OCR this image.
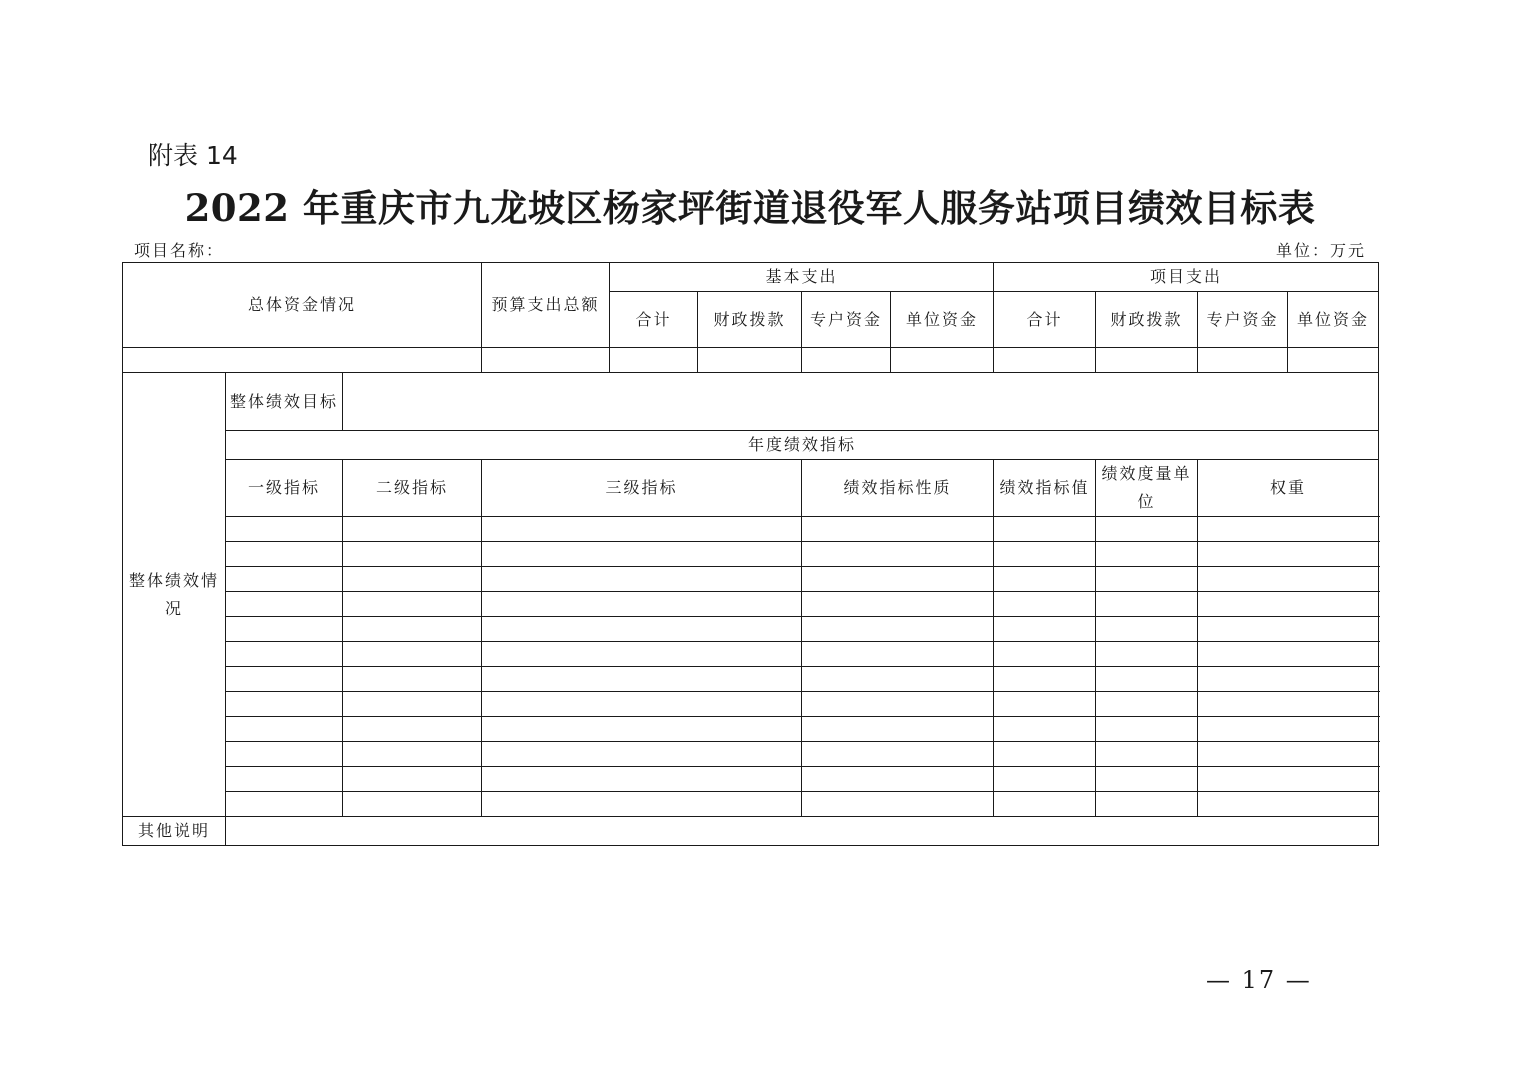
附表 14
2022 年重庆市九龙坡区杨家坪街道退役军人服务站项目绩效目标表
项目名称：	单位：万元
总体资金情况			预算支出总额	基本支出				项目支出			
				合计	财政拨款	专户资金	单位资金	合计	财政拨款	专户资金	单位资金

整体绩效情况	整体绩效目标										
	年度绩效指标										
	一级指标	二级指标	三级指标			绩效指标性质		绩效指标值	绩效度量单位	权重	

其他说明											
— 17 —
